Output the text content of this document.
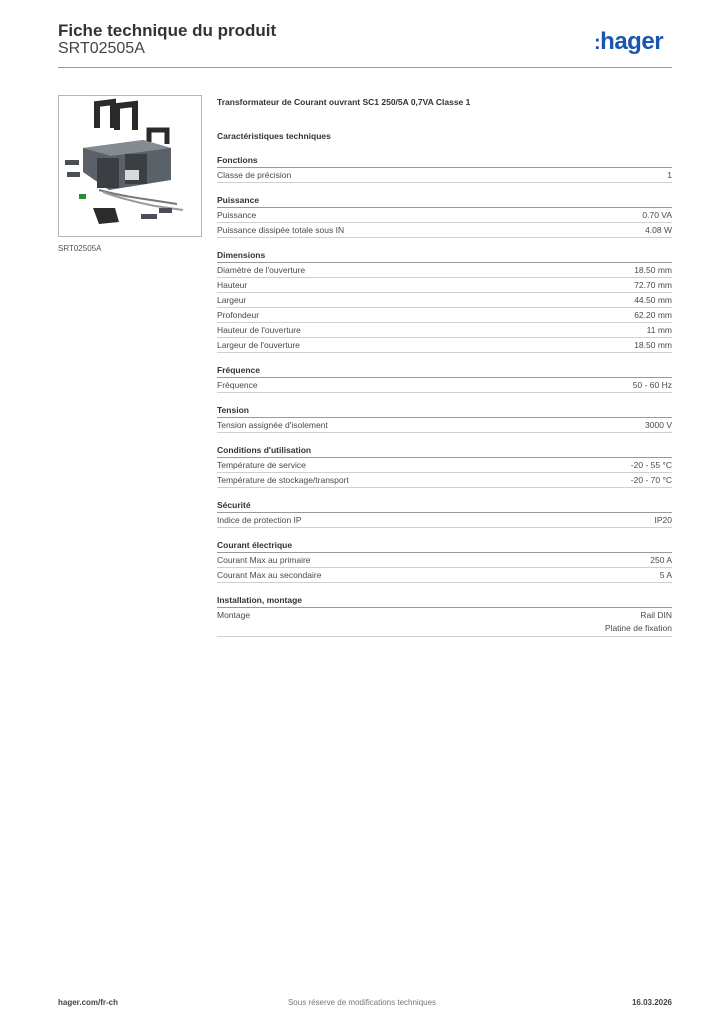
Fiche technique du produit
SRT02505A	:hager
SRT02505A
Transformateur de Courant ouvrant SC1 250/5A 0,7VA Classe 1
Caractéristiques techniques
Fonctions
Classe de précision	1
Puissance
Puissance	0.70 VA
Puissance dissipée totale sous IN	4.08 W
Dimensions
Diamètre de l'ouverture	18.50 mm
Hauteur	72.70 mm
Largeur	44.50 mm
Profondeur	62.20 mm
Hauteur de l'ouverture	11 mm
Largeur de l'ouverture	18.50 mm
Fréquence
Fréquence	50 - 60 Hz
Tension
Tension assignée d'isolement	3000 V
Conditions d'utilisation
Température de service	-20 - 55 °C
Température de stockage/transport	-20 - 70 °C
Sécurité
Indice de protection IP	IP20
Courant électrique
Courant Max au primaire	250 A
Courant Max au secondaire	5 A
Installation, montage
Montage	Rail DIN
Platine de fixation
hager.com/fr-ch	Sous réserve de modifications techniques	16.03.2026
